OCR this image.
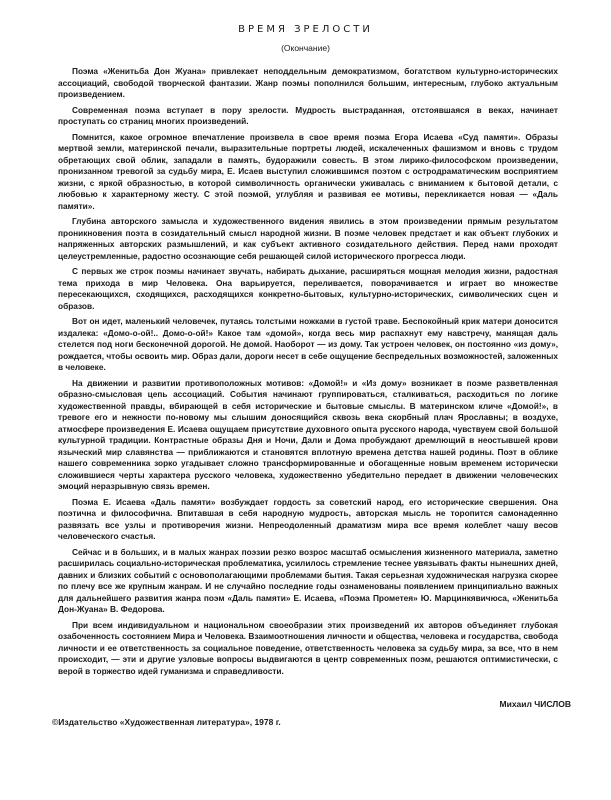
ВРЕМЯ ЗРЕЛОСТИ
(Окончание)

Поэма «Женитьба Дон Жуана» привлекает неподдельным демократизмом, богатством культурно-исторических ассоциаций, свободой творческой фантазии. Жанр поэмы пополнился большим, интересным, глубоко актуальным произведением.

Современная поэма вступает в пору зрелости. Мудрость выстраданная, отстоявшаяся в веках, начинает проступать со страниц многих произведений.

Помнится, какое огромное впечатление произвела в свое время поэма Егора Исаева «Суд памяти». Образы мертвой земли, материнской печали, выразительные портреты людей, искалеченных фашизмом и вновь с трудом обретающих свой облик, западали в память, будоражили совесть. В этом лирико-философском произведении, пронизанном тревогой за судьбу мира, Е. Исаев выступил сложившимся поэтом с остродраматическим восприятием жизни, с яркой образностью, в которой символичность органически уживалась с вниманием к бытовой детали, с любовью к характерному жесту. С этой поэмой, углубляя и развивая ее мотивы, перекликается новая — «Даль памяти».

Глубина авторского замысла и художественного видения явились в этом произведении прямым результатом проникновения поэта в созидательный смысл народной жизни. В поэме человек предстает и как объект глубоких и напряженных авторских размышлений, и как субъект активного созидательного действия. Перед нами проходят целеустремленные, радостно осознающие себя решающей силой исторического прогресса люди.

С первых же строк поэмы начинает звучать, набирать дыхание, расширяться мощная мелодия жизни, радостная тема прихода в мир Человека. Она варьируется, переливается, поворачивается и играет во множестве пересекающихся, сходящихся, расходящихся конкретно-бытовых, культурно-исторических, символических сцен и образов.

Вот он идет, маленький человечек, путаясь толстыми ножками в густой траве. Беспокойный крик матери доносится издалека: «Домо-о-ой!.. Домо-о-ой!» Какое там «домой», когда весь мир распахнут ему навстречу, манящая даль стелется под ноги бесконечной дорогой. Не домой. Наоборот — из дому. Так устроен человек, он постоянно «из дому», рождается, чтобы освоить мир. Образ дали, дороги несет в себе ощущение беспредельных возможностей, заложенных в человеке.

На движении и развитии противоположных мотивов: «Домой!» и «Из дому» возникает в поэме разветвленная образно-смысловая цепь ассоциаций. События начинают группироваться, сталкиваться, расходиться по логике художественной правды, вбирающей в себя исторические и бытовые смыслы. В материнском кличе «Домой!», в тревоге его и нежности по-новому мы слышим доносящийся сквозь века скорбный плач Ярославны; в воздухе, атмосфере произведения Е. Исаева ощущаем присутствие духовного опыта русского народа, чувствуем свой большой культурной традиции. Контрастные образы Дня и Ночи, Дали и Дома пробуждают дремлющий в неостывшей крови языческий мир славянства — приближаются и становятся вплотную времена детства нашей родины. Поэт в облике нашего современника зорко угадывает сложно трансформированные и обогащенные новым временем исторически сложившиеся черты характера русского человека, художественно убедительно передает в движении человеческих эмоций неразрывную связь времен.

Поэма Е. Исаева «Даль памяти» возбуждает гордость за советский народ, его исторические свершения. Она поэтична и философична. Впитавшая в себя народную мудрость, авторская мысль не торопится самонадеянно развязать все узлы и противоречия жизни. Непреодоленный драматизм мира все время колеблет чашу весов человеческого счастья.

Сейчас и в больших, и в малых жанрах поэзии резко возрос масштаб осмысления жизненного материала, заметно расширилась социально-историческая проблематика, усилилось стремление теснее увязывать факты нынешних дней, давних и близких событий с основополагающими проблемами бытия. Такая серьезная художническая нагрузка скорее по плечу все же крупным жанрам. И не случайно последние годы ознаменованы появлением принципиально важных для дальнейшего развития жанра поэм «Даль памяти» Е. Исаева, «Поэма Прометея» Ю. Марцинкявичюса, «Женитьба Дон-Жуана» В. Федорова.

При всем индивидуальном и национальном своеобразии этих произведений их авторов объединяет глубокая озабоченность состоянием Мира и Человека. Взаимоотношения личности и общества, человека и государства, свобода личности и ее ответственность за социальное поведение, ответственность человека за судьбу мира, за все, что в нем происходит, — эти и другие узловые вопросы выдвигаются в центр современных поэм, решаются оптимистически, с верой в торжество идей гуманизма и справедливости.

Михаил ЧИСЛОВ
©Издательство «Художественная литература», 1978 г.
